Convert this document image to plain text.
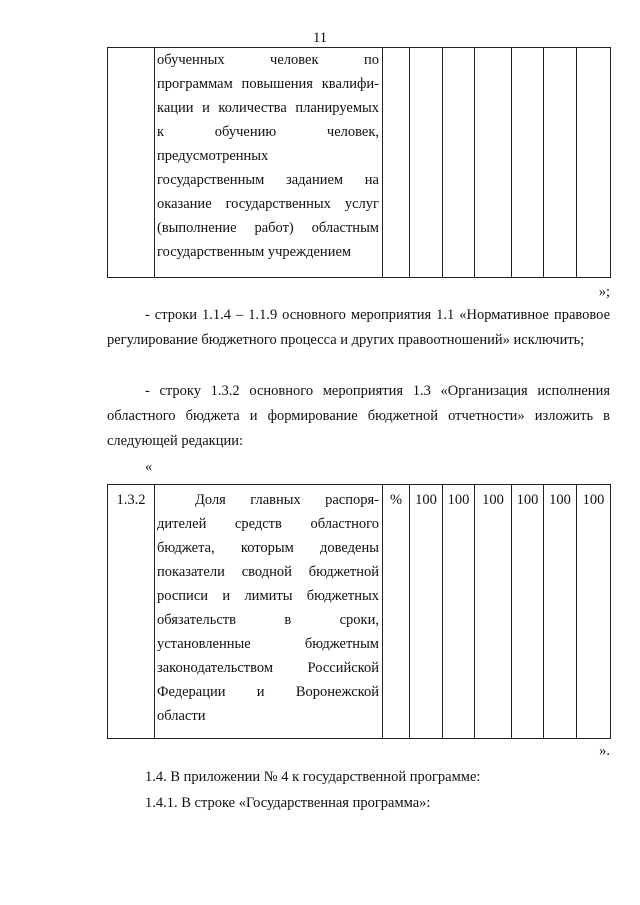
11

обученных человек по
программам повышения квалифи-
кации и количества планируемых
к обучению человек,
предусмотренных
государственным заданием на
оказание государственных услуг
(выполнение работ) областным
государственным учреждением

»;
- строки 1.1.4 – 1.1.9 основного мероприятия 1.1 «Нормативное правовое регулирование бюджетного процесса и других правоотношений» исключить;
- строку 1.3.2 основного мероприятия 1.3 «Организация исполнения областного бюджета и формирование бюджетной отчетности» изложить в следующей редакции:
«
1.3.2	Доля главных распоря-
дителей средств областного
бюджета, которым доведены
показатели сводной бюджетной
росписи и лимиты бюджетных
обязательств в сроки,
установленные бюджетным
законодательством Российской
Федерации и Воронежской
области

%	100	100	100	100	100	100
».
1.4. В приложении № 4 к государственной программе:
1.4.1. В строке «Государственная программа»:
